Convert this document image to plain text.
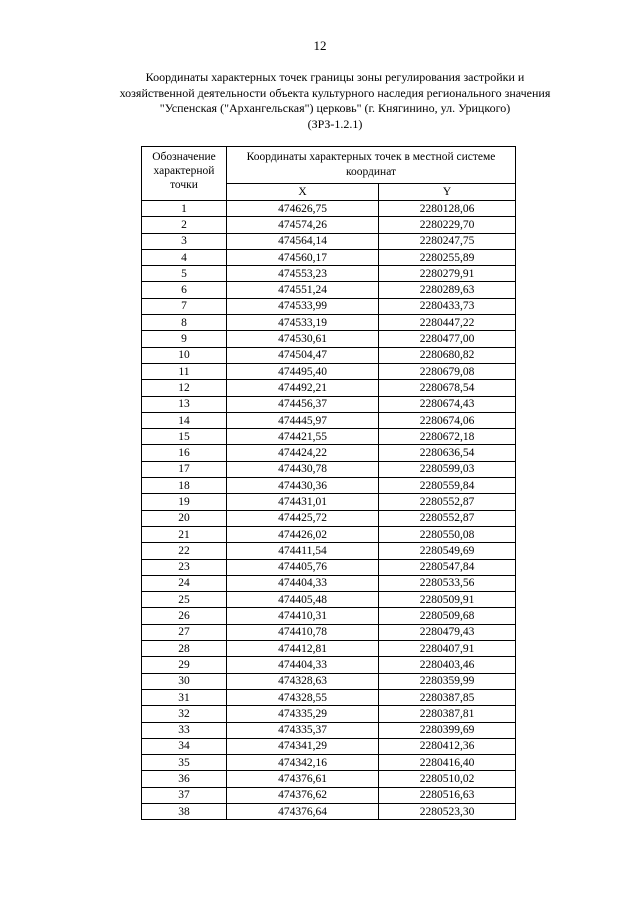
12
Координаты характерных точек границы зоны регулирования застройки и
хозяйственной деятельности объекта культурного наследия регионального значения
"Успенская ("Архангельская") церковь" (г. Княгинино, ул. Урицкого)
(ЗРЗ-1.2.1)
Обозначение характерной точки	Координаты характерных точек в местной системе координат	
	X	Y
1	474626,75	2280128,06
2	474574,26	2280229,70
3	474564,14	2280247,75
4	474560,17	2280255,89
5	474553,23	2280279,91
6	474551,24	2280289,63
7	474533,99	2280433,73
8	474533,19	2280447,22
9	474530,61	2280477,00
10	474504,47	2280680,82
11	474495,40	2280679,08
12	474492,21	2280678,54
13	474456,37	2280674,43
14	474445,97	2280674,06
15	474421,55	2280672,18
16	474424,22	2280636,54
17	474430,78	2280599,03
18	474430,36	2280559,84
19	474431,01	2280552,87
20	474425,72	2280552,87
21	474426,02	2280550,08
22	474411,54	2280549,69
23	474405,76	2280547,84
24	474404,33	2280533,56
25	474405,48	2280509,91
26	474410,31	2280509,68
27	474410,78	2280479,43
28	474412,81	2280407,91
29	474404,33	2280403,46
30	474328,63	2280359,99
31	474328,55	2280387,85
32	474335,29	2280387,81
33	474335,37	2280399,69
34	474341,29	2280412,36
35	474342,16	2280416,40
36	474376,61	2280510,02
37	474376,62	2280516,63
38	474376,64	2280523,30
